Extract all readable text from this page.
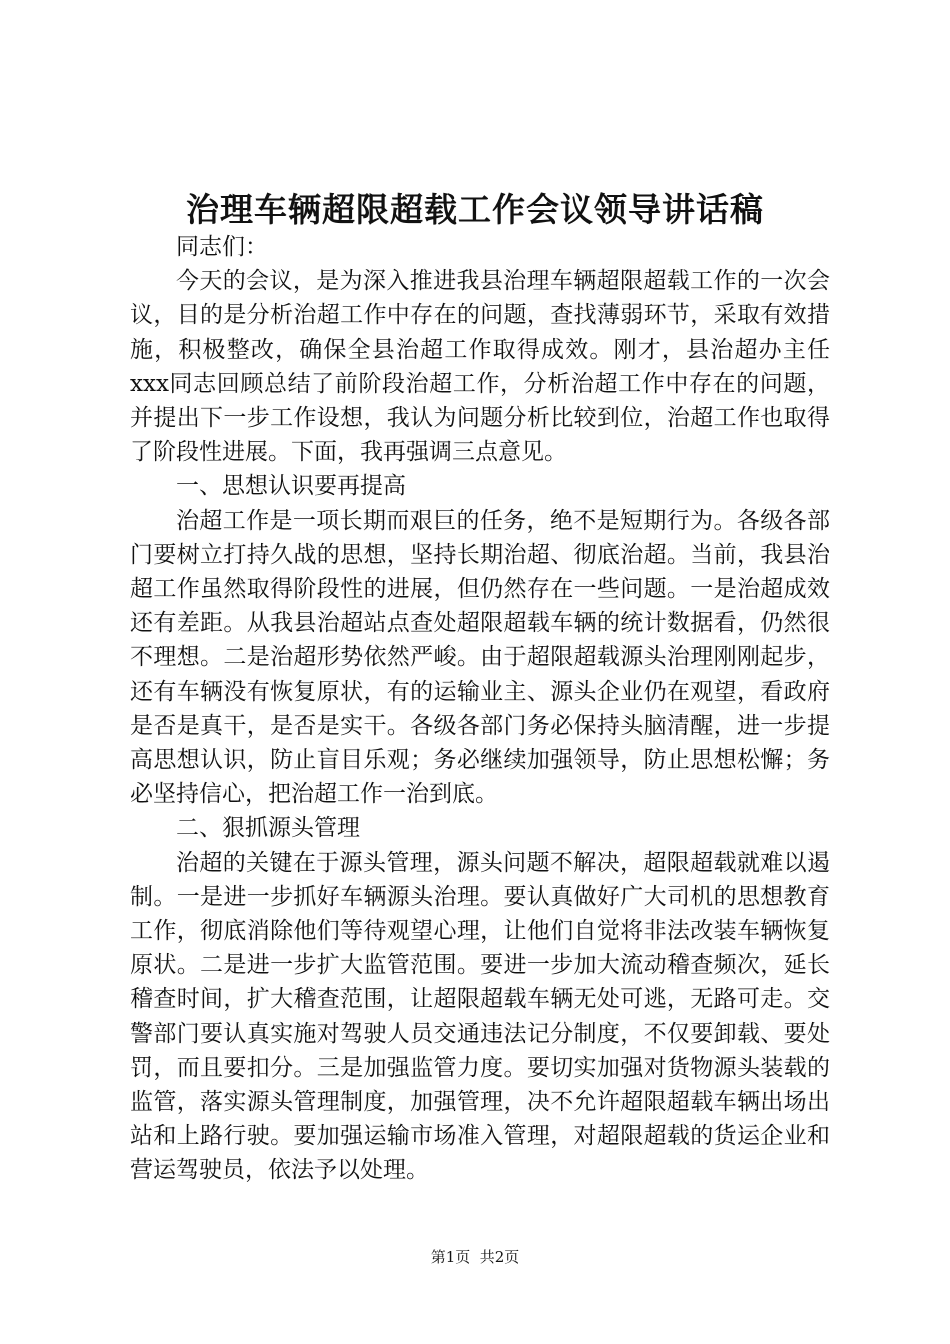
治理车辆超限超载工作会议领导讲话稿

同志们：

今天的会议，是为深入推进我县治理车辆超限超载工作的一次会议，目的是分析治超工作中存在的问题，查找薄弱环节，采取有效措施，积极整改，确保全县治超工作取得成效。刚才，县治超办主任xxx同志回顾总结了前阶段治超工作，分析治超工作中存在的问题，并提出下一步工作设想，我认为问题分析比较到位，治超工作也取得了阶段性进展。下面，我再强调三点意见。

一、思想认识要再提高

治超工作是一项长期而艰巨的任务，绝不是短期行为。各级各部门要树立打持久战的思想，坚持长期治超、彻底治超。当前，我县治超工作虽然取得阶段性的进展，但仍然存在一些问题。一是治超成效还有差距。从我县治超站点查处超限超载车辆的统计数据看，仍然很不理想。二是治超形势依然严峻。由于超限超载源头治理刚刚起步，还有车辆没有恢复原状，有的运输业主、源头企业仍在观望，看政府是否是真干，是否是实干。各级各部门务必保持头脑清醒，进一步提高思想认识，防止盲目乐观；务必继续加强领导，防止思想松懈；务必坚持信心，把治超工作一治到底。

二、狠抓源头管理

治超的关键在于源头管理，源头问题不解决，超限超载就难以遏制。一是进一步抓好车辆源头治理。要认真做好广大司机的思想教育工作，彻底消除他们等待观望心理，让他们自觉将非法改装车辆恢复原状。二是进一步扩大监管范围。要进一步加大流动稽查频次，延长稽查时间，扩大稽查范围，让超限超载车辆无处可逃，无路可走。交警部门要认真实施对驾驶人员交通违法记分制度，不仅要卸载、要处罚，而且要扣分。三是加强监管力度。要切实加强对货物源头装载的监管，落实源头管理制度，加强管理，决不允许超限超载车辆出场出站和上路行驶。要加强运输市场准入管理，对超限超载的货运企业和营运驾驶员，依法予以处理。

第1页  共2页
